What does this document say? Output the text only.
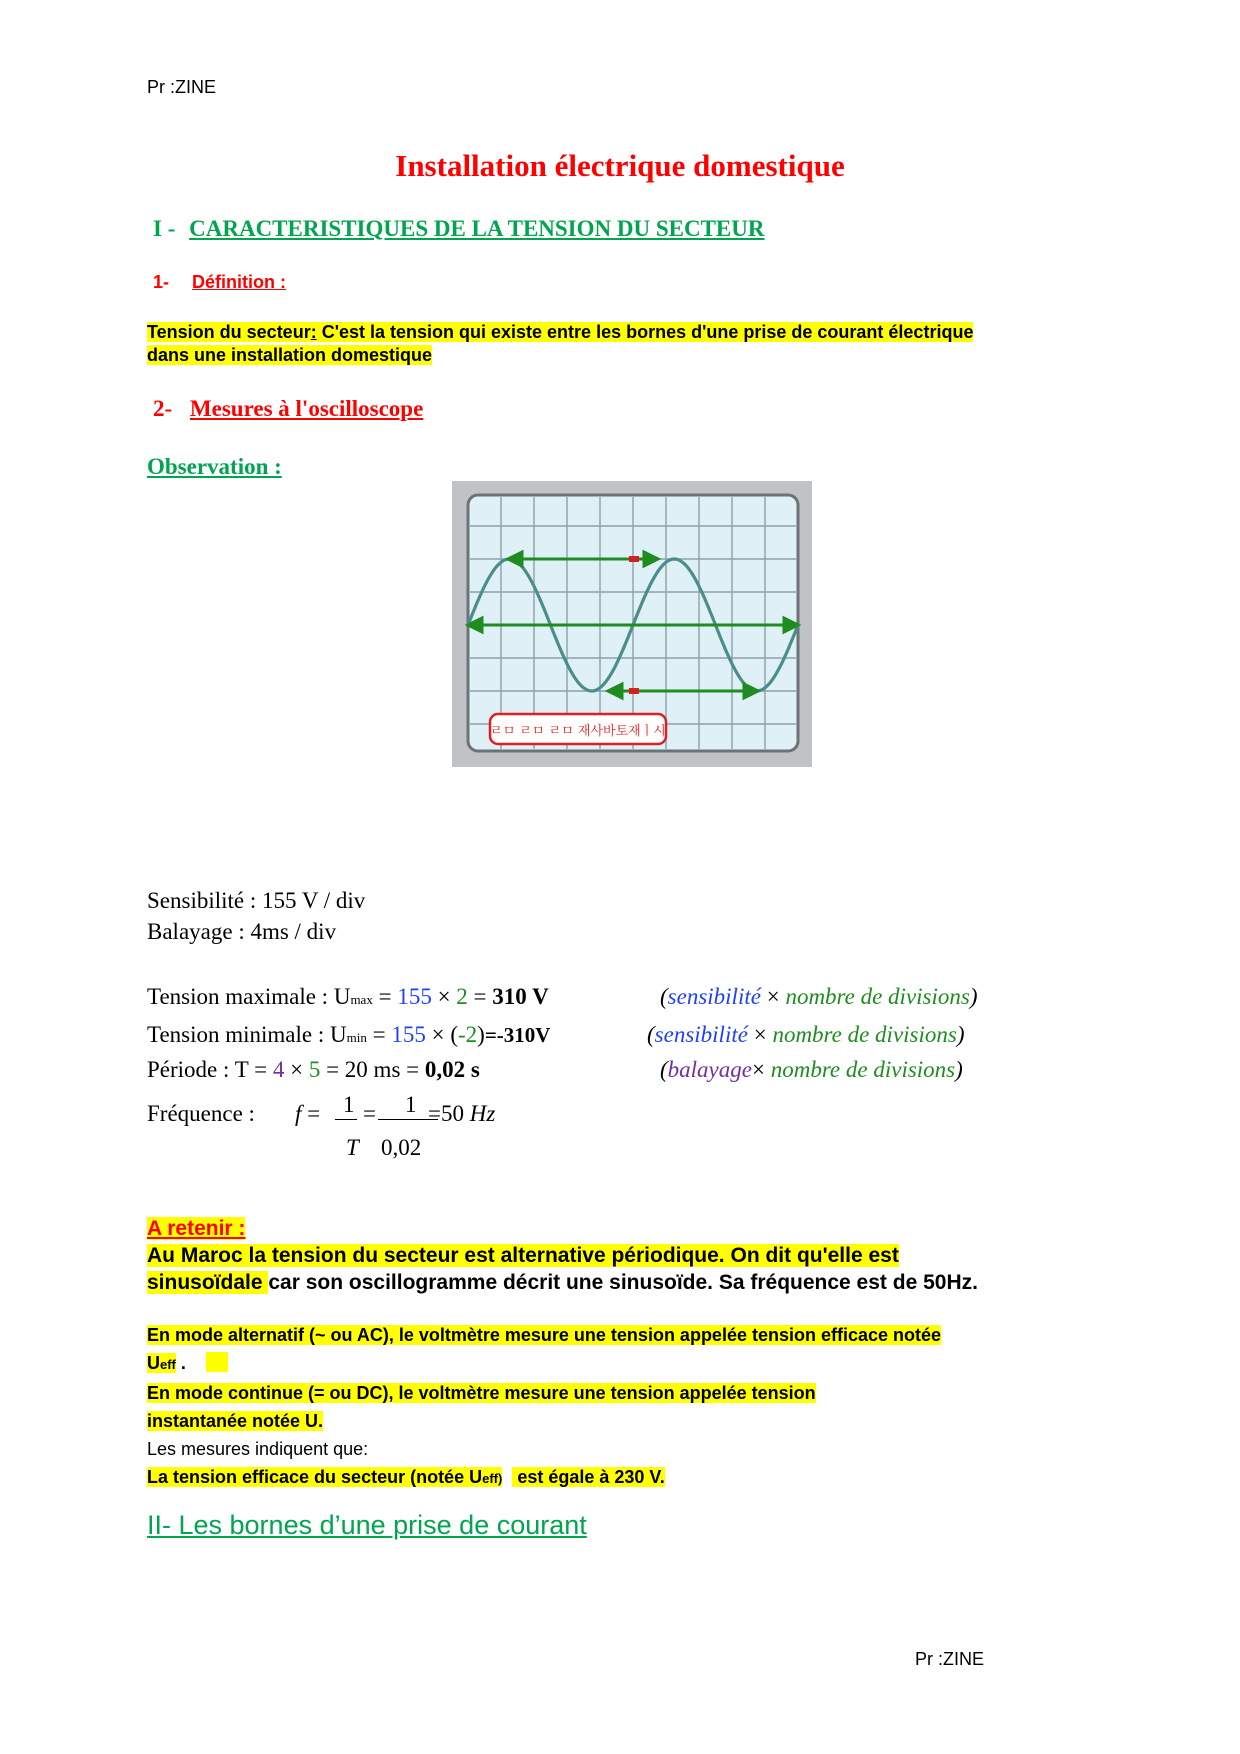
Pr :ZINE
Installation électrique domestique
I - CARACTERISTIQUES DE LA TENSION DU SECTEUR
1- Définition :
Tension du secteur: C'est la tension qui existe entre les bornes d'une prise de courant électrique
dans une installation domestique
2- Mesures à l'oscilloscope
Observation :
ㄹㅁ ㄹㅁ ㄹㅁ 재사바토재ㅣ시
Sensibilité : 155 V / div
Balayage : 4ms / div
Tension maximale : Umax = 155 × 2 = 310 V	(sensibilité × nombre de divisions)
Tension minimale : Umin = 155 × (-2)=-310V	(sensibilité × nombre de divisions)
Période : T = 4 × 5 = 20 ms = 0,02 s	(balayage× nombre de divisions)
Fréquence : f = 1
T
= 1
0,02
=50 Hz
A retenir :
Au Maroc la tension du secteur est alternative périodique. On dit qu'elle est
sinusoïdale car son oscillogramme décrit une sinusoïde. Sa fréquence est de 50Hz.
En mode alternatif (~ ou AC), le voltmètre mesure une tension appelée tension efficace notée
Ueff .
En mode continue (= ou DC), le voltmètre mesure une tension appelée tension
instantanée notée U.
Les mesures indiquent que:
La tension efficace du secteur (notée Ueff) est égale à 230 V.
II- Les bornes d’une prise de courant
Pr :ZINE
